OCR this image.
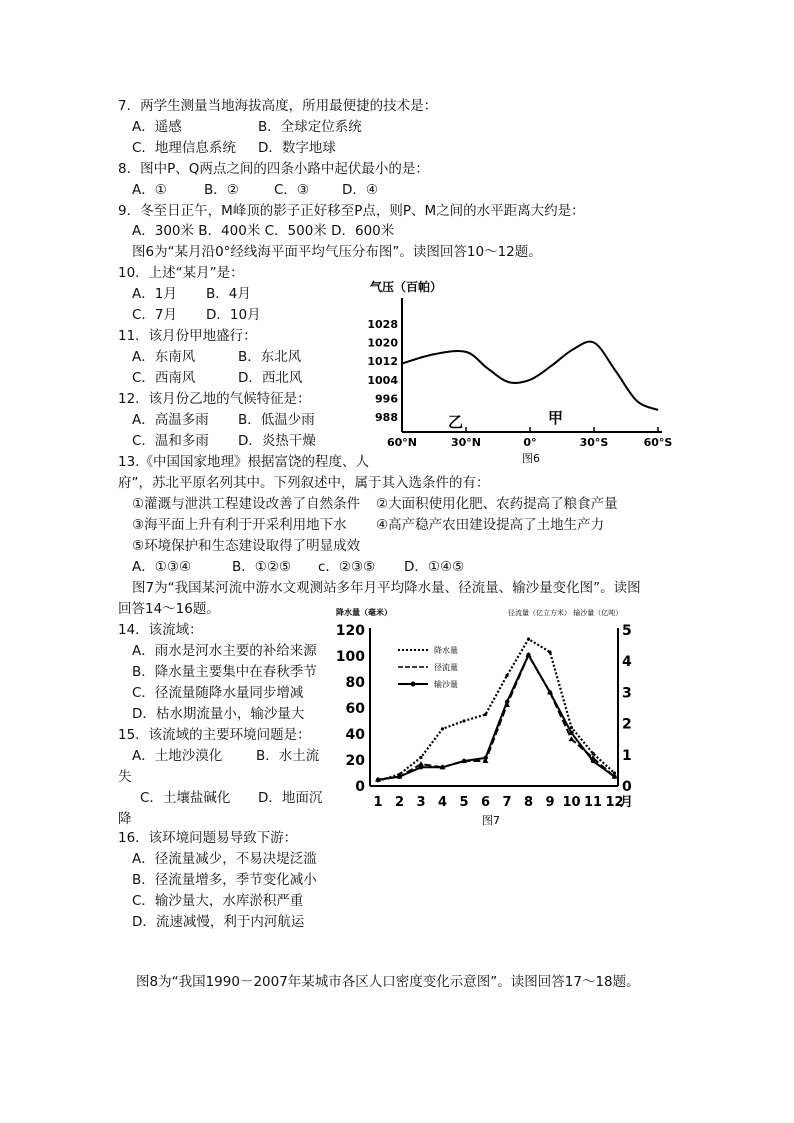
7．两学生测量当地海拔高度，所用最便捷的技术是：
A．遥感	B．全球定位系统
C．地理信息系统 D．数字地球
8．图中P、Q两点之间的四条小路中起伏最小的是：
A．①	B．②	C．③ D．④
9．冬至日正午，M峰顶的影子正好移至P点，则P、M之间的水平距离大约是：
A．300米 B．400米 C．500米 D．600米
图6为“某月沿0°经线海平面平均气压分布图”。读图回答10～12题。
10．上述“某月”是：
A．1月 B．4月
C．7月 D．10月
11．该月份甲地盛行：
A．东南风	B．东北风
C．西南风	D．西北风
12．该月份乙地的气候特征是：
A．高温多雨 B．低温少雨
C．温和多雨 D．炎热干燥
气压（百帕）
988
996
1004
1012
1020
1028
60°N	30°N	0°	30°S	60°S
乙	甲
图6
13.《中国国家地理》根据富饶的程度、人
府”，苏北平原名列其中。下列叙述中，属于其入选条件的有：
①灌溉与泄洪工程建设改善了自然条件 ②大面积使用化肥、农药提高了粮食产量
③海平面上升有利于开采利用地下水 ④高产稳产农田建设提高了土地生产力
⑤环境保护和生态建设取得了明显成效
A．①③④	B．①②⑤ c．②③⑤ D．①④⑤
图7为“我国某河流中游水文观测站多年月平均降水量、径流量、输沙量变化图”。读图
回答14～16题。
14．该流域：
A．雨水是河水主要的补给来源
B．降水量主要集中在春秋季节
C．径流量随降水量同步增减
D．枯水期流量小，输沙量大
15．该流域的主要环境问题是：
A．土地沙漠化	B．水土流
失
C．土壤盐碱化 D．地面沉
降
降水量（毫米）	径流量（亿立方米） 输沙量（亿吨）
0
20
40
60
80
100
120
0
1
2
3
4
5
1 2 3 4 5 6 7 8 9 10 11 12
月
降水量
径流量
输沙量
图7
16．该环境问题易导致下游：
A．径流量减少，不易决堤泛滥
B．径流量增多，季节变化减小
C．输沙量大，水库淤积严重
D．流速减慢，利于内河航运
图8为“我国1990－2007年某城市各区人口密度变化示意图”。读图回答17～18题。
